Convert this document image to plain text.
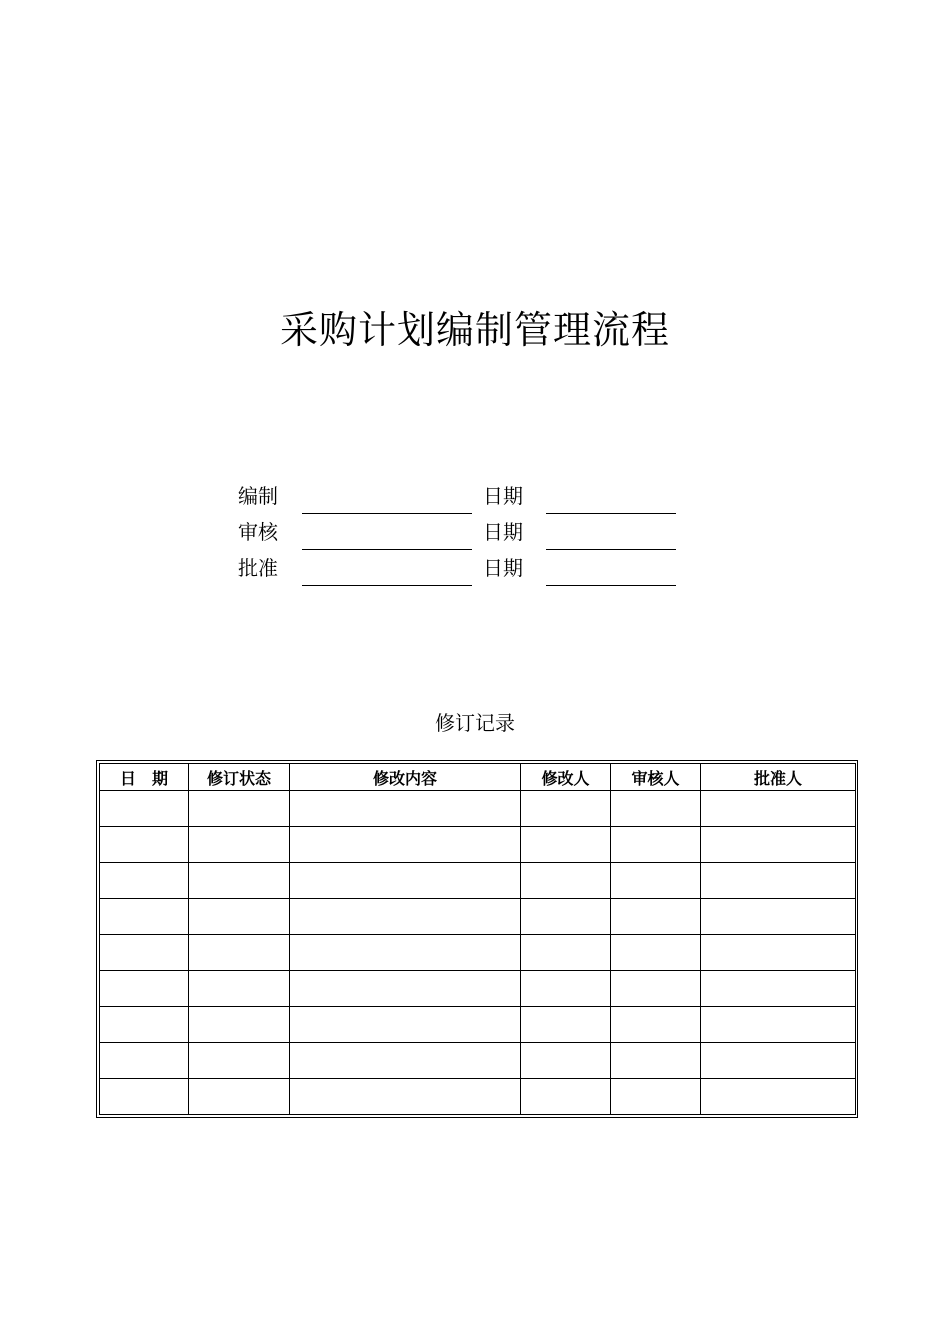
采购计划编制管理流程
编制	日期
审核	日期
批准	日期
修订记录
日　期	修订状态	修改内容	修改人	审核人	批准人
